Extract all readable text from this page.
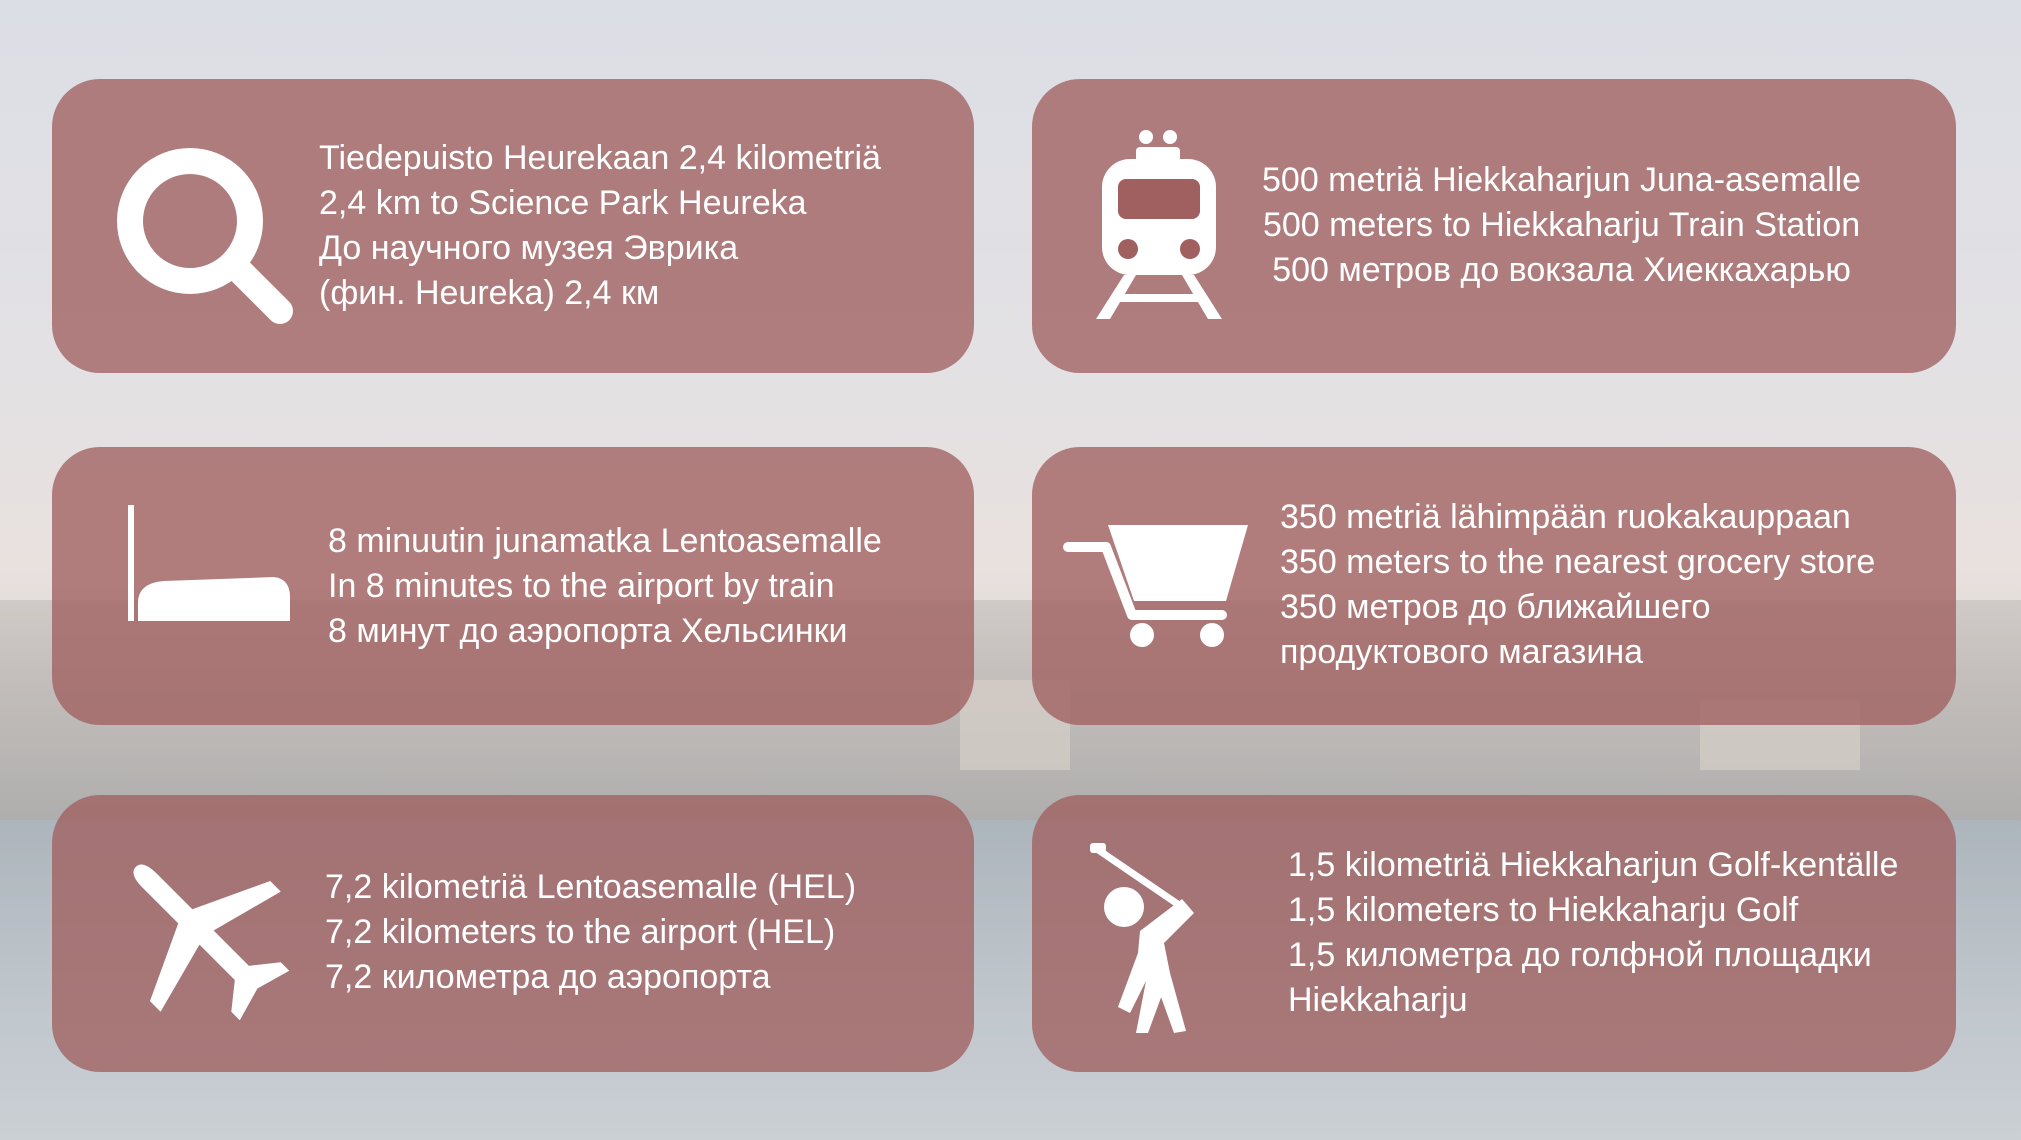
Tiedepuisto Heurekaan 2,4 kilometriä
2,4 km to Science Park Heureka
До научного музея Эврика
(фин. Heureka) 2,4 км
500 metriä Hiekkaharjun Juna-asemalle
500 meters to Hiekkaharju Train Station
500 метров до вокзала Хиеккахарью
8 minuutin junamatka Lentoasemalle
In 8 minutes to the airport by train
8 минут до аэропорта Хельсинки
350 metriä lähimpään ruokakauppaan
350 meters to the nearest grocery store
350 метров до ближайшего
продуктового магазина
7,2 kilometriä Lentoasemalle (HEL)
7,2 kilometers to the airport (HEL)
7,2 километра до аэропорта
1,5 kilometriä Hiekkaharjun Golf-kentälle
1,5 kilometers to Hiekkaharju Golf
1,5 километра до голфной площадки
Hiekkaharju
